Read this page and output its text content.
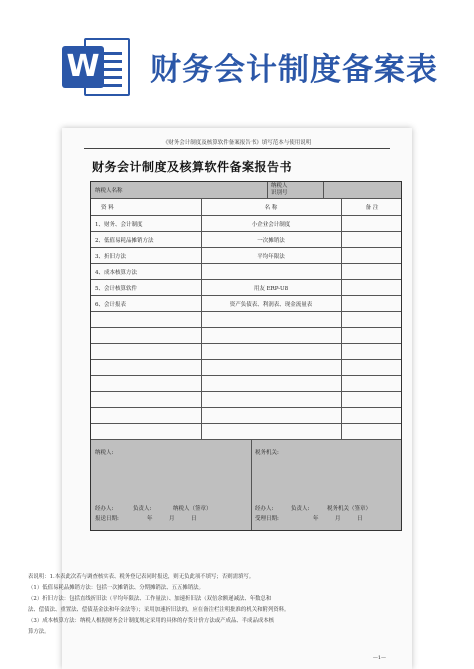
W 财务会计制度备案表
《财务会计制度及核算软件备案报告书》填写范本与使用说明
财务会计制度及核算软件备案报告书
纳税人名称
纳税人
识别号
资 料	名 称	备 注
1、财务、会计制度	小企业会计制度
2、低值易耗品摊销方法	一次摊销法
3、折旧方法	平均年限法
4、成本核算方法
5、会计核算软件	用友 ERP-U8
6、会计报表	资产负债表、利润表、现金流量表
纳税人:
经办人:	负责人:	纳税人（签章）
报送日期:	年	月	日
税务机关:
经办人:	负责人:	税务机关（签章）
受理日期:	年	月	日

表说明：1.本表此次若与调查核实表、税务登记表同时报送，则无负此项不填写；否则需填写。

（1）低值易耗品摊销方法：包括一次摊销法、分期摊销法、五五摊销法。

（2）折旧方法：包括直线折旧法（平均年限法、工作量法）、加速折旧法（双倍余额递减法、年数总和

法、偿债法、重置法、偿债基金法和年金法等）；采用加速折旧法的，应在备注栏注明批准的机关和附列资料。

（3）成本核算方法：纳税人根据财务会计制度规定采用的具体的存货计价方法或产成品、半成品成本核

算方法。

—1—
